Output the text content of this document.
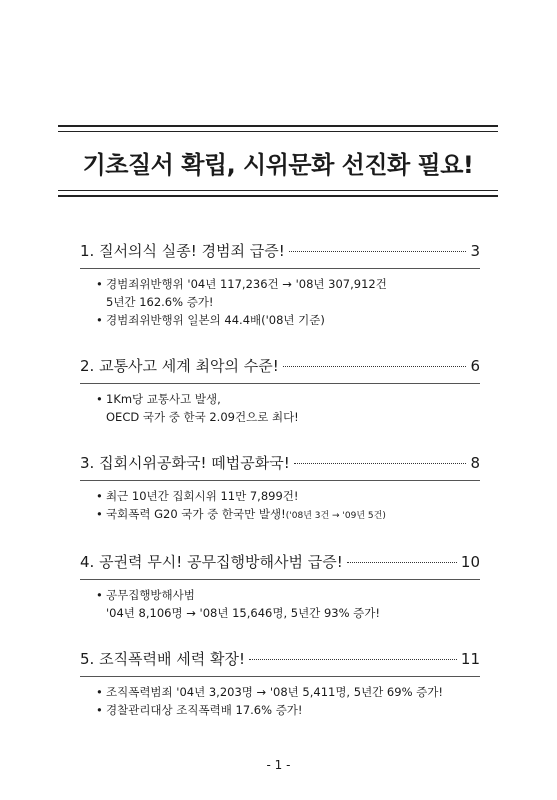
기초질서 확립, 시위문화 선진화 필요!
1. 질서의식 실종! 경범죄 급증!	3
• 경범죄위반행위 '04년 117,236건 → '08년 307,912건
5년간 162.6% 증가!
• 경범죄위반행위 일본의 44.4배('08년 기준)
2. 교통사고 세계 최악의 수준!	6
• 1Km당 교통사고 발생,
OECD 국가 중 한국 2.09건으로 최다!
3. 집회시위공화국! 떼법공화국!	8
• 최근 10년간 집회시위 11만 7,899건!
• 국회폭력 G20 국가 중 한국만 발생!('08년 3건 → '09년 5건)
4. 공권력 무시! 공무집행방해사범 급증!	10
• 공무집행방해사범
'04년 8,106명 → '08년 15,646명, 5년간 93% 증가!
5. 조직폭력배 세력 확장!	11
• 조직폭력범죄 '04년 3,203명 → '08년 5,411명, 5년간 69% 증가!
• 경찰관리대상 조직폭력배 17.6% 증가!
- 1 -
